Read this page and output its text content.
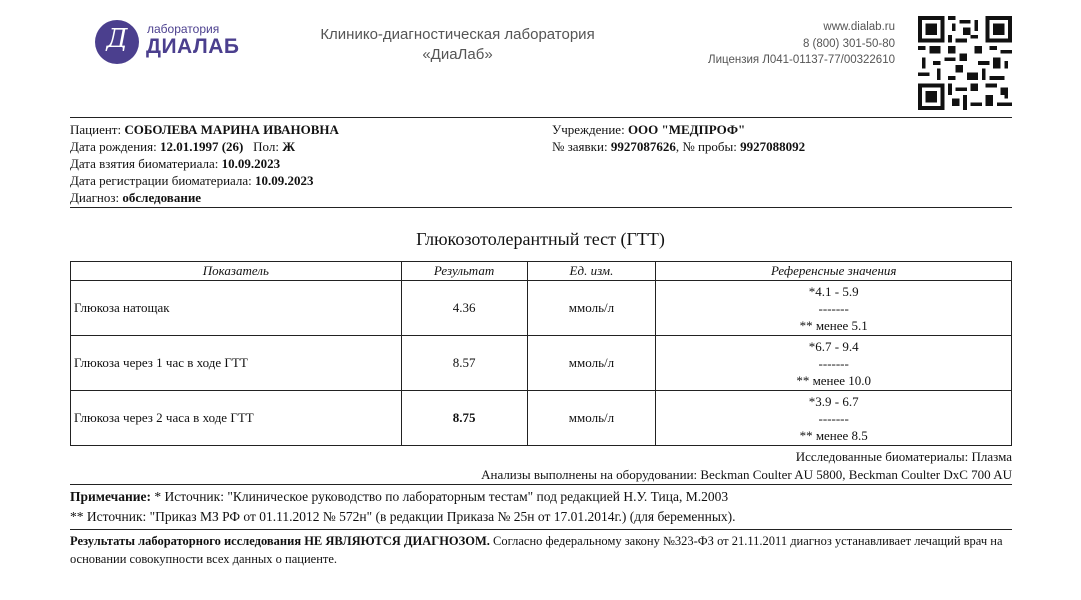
Д	лаборатория
ДИАЛАБ
Клинико-диагностическая лаборатория
«ДиаЛаб»
www.dialab.ru
8 (800) 301-50-80
Лицензия Л041-01137-77/00322610
Пациент: СОБОЛЕВА МАРИНА ИВАНОВНА
Дата рождения: 12.01.1997 (26) Пол: Ж
Дата взятия биоматериала: 10.09.2023
Дата регистрации биоматериала: 10.09.2023
Диагноз: обследование
Учреждение: ООО "МЕДПРОФ"
№ заявки: 9927087626, № пробы: 9927088092
Глюкозотолерантный тест (ГТТ)
Показатель	Результат	Ед. изм.	Референсные значения
Глюкоза натощак	4.36	ммоль/л	*4.1 - 5.9
-------
** менее 5.1

Глюкоза через 1 час в ходе ГТТ	8.57	ммоль/л	*6.7 - 9.4
-------
** менее 10.0

Глюкоза через 2 часа в ходе ГТТ	8.75	ммоль/л	*3.9 - 6.7
-------
** менее 8.5
Исследованные биоматериалы: Плазма
Анализы выполнены на оборудовании: Beckman Coulter AU 5800, Beckman Coulter DxC 700 AU
Примечание: * Источник: "Клиническое руководство по лабораторным тестам" под редакцией Н.У. Тица, М.2003
** Источник: "Приказ МЗ РФ от 01.11.2012 № 572н" (в редакции Приказа № 25н от 17.01.2014г.) (для беременных).
Результаты лабораторного исследования НЕ ЯВЛЯЮТСЯ ДИАГНОЗОМ. Согласно федеральному закону №323-ФЗ от 21.11.2011 диагноз устанавливает лечащий врач на основании совокупности всех данных о пациенте.
